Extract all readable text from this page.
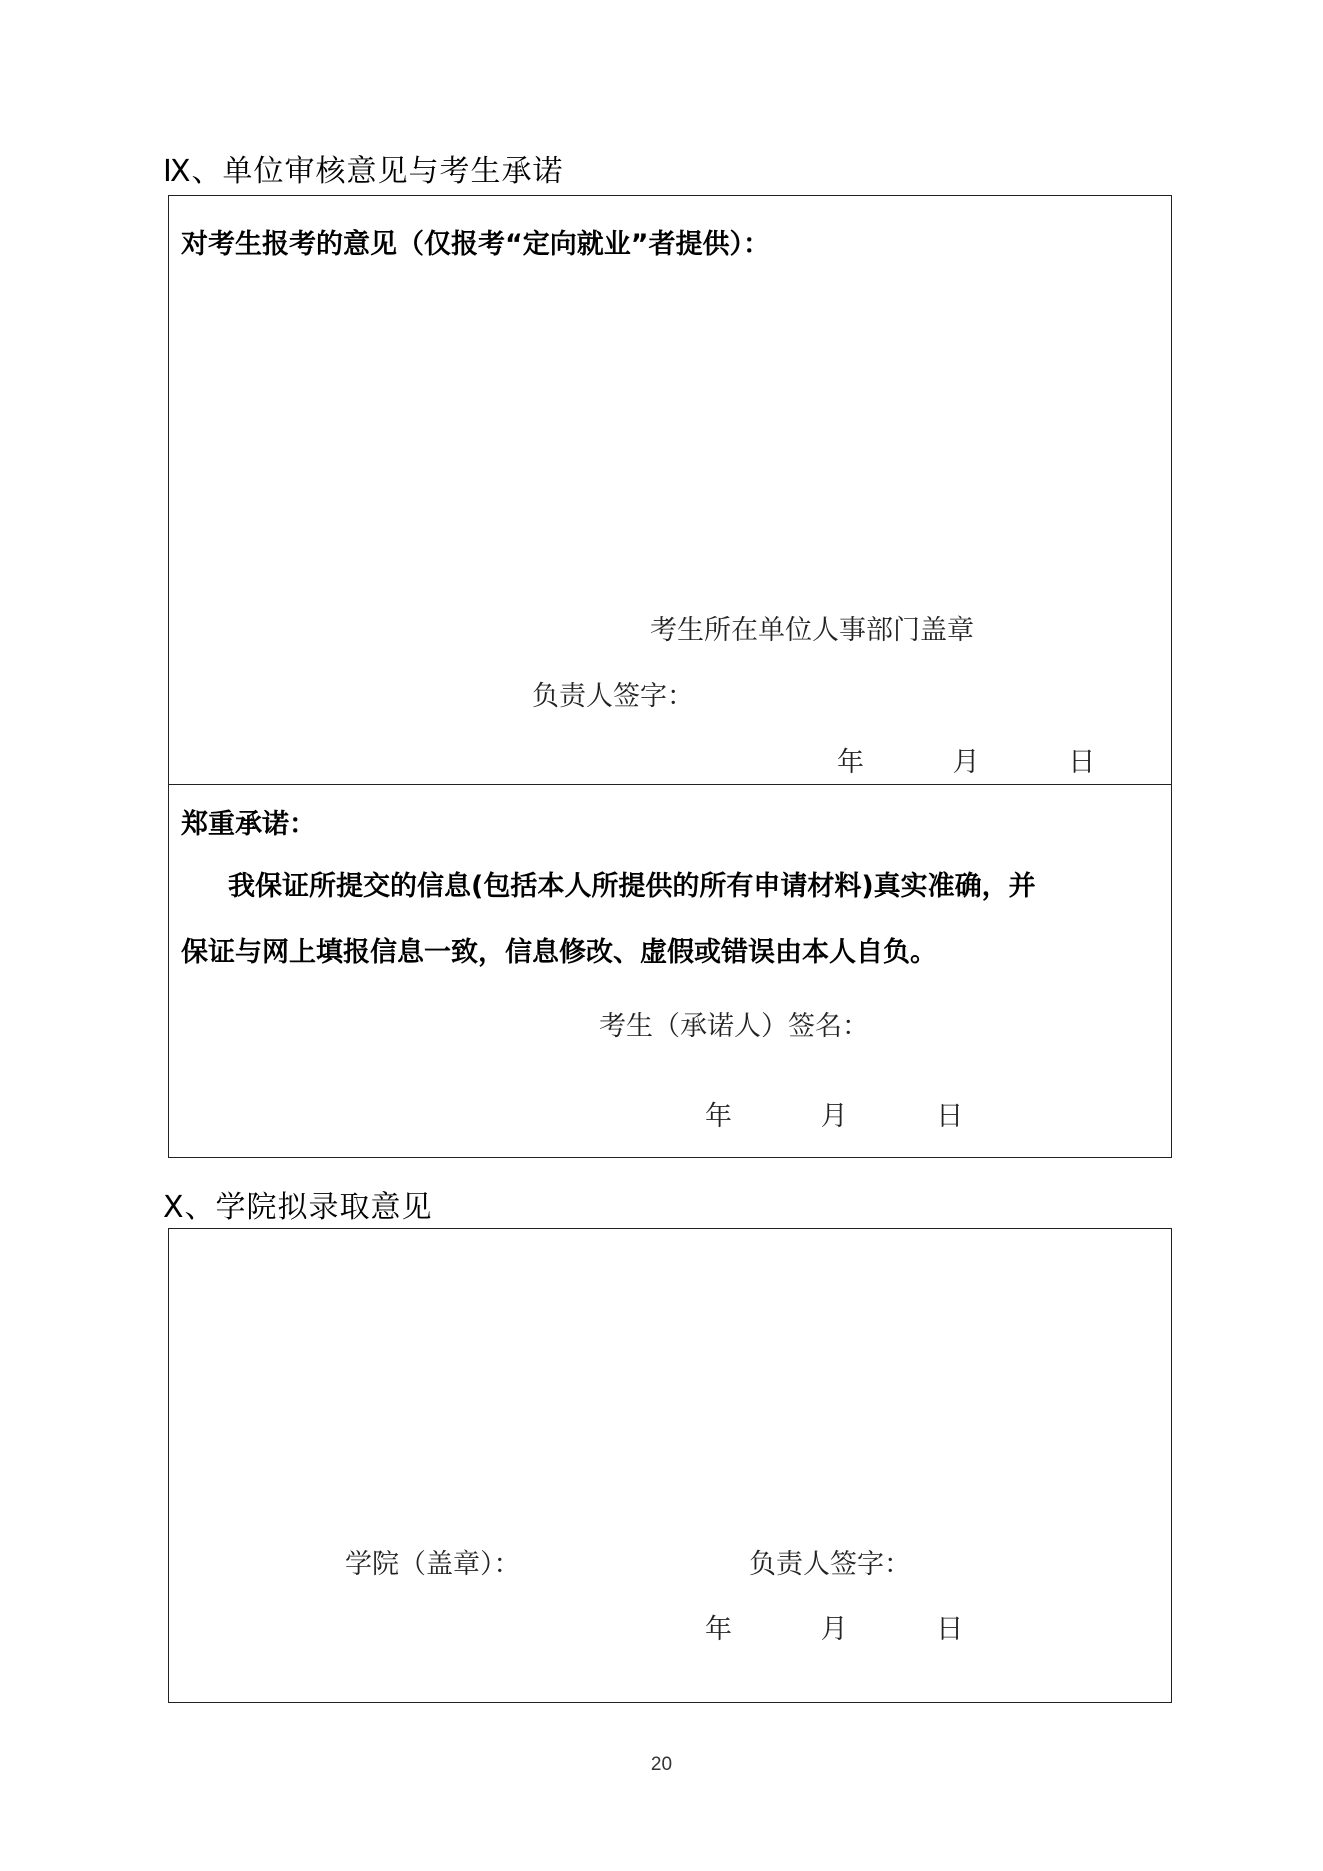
Ⅸ、单位审核意见与考生承诺
对考生报考的意见（仅报考“定向就业”者提供）：
考生所在单位人事部门盖章
负责人签字：
年	月	日
郑重承诺：
我保证所提交的信息(包括本人所提供的所有申请材料)真实准确，并
保证与网上填报信息一致，信息修改、虚假或错误由本人自负。
考生（承诺人）签名：
年	月	日
Ⅹ、学院拟录取意见
学院（盖章）：	负责人签字：
年	月	日
20
